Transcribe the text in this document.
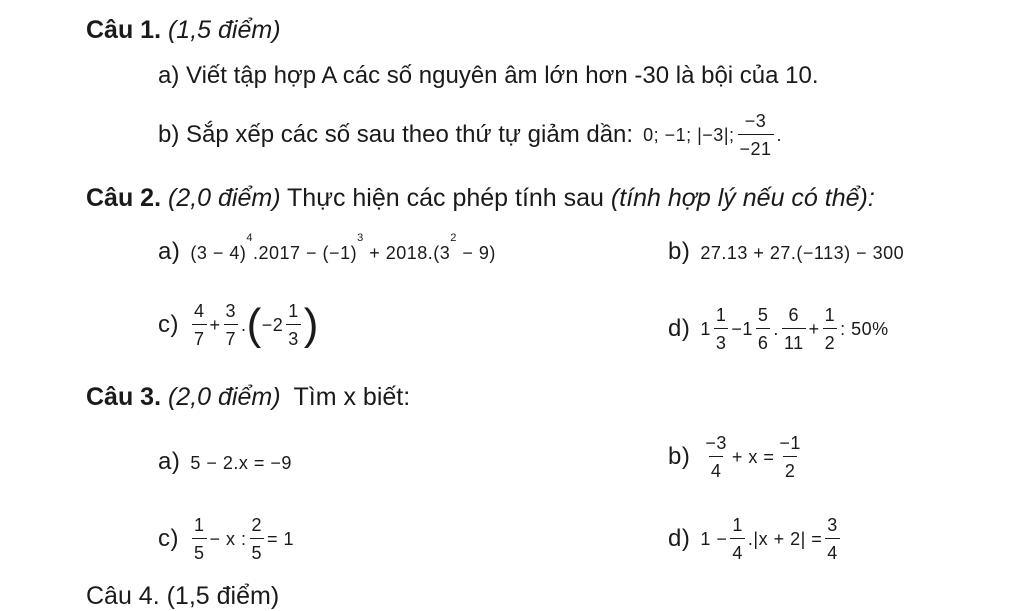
Câu 1. (1,5 điểm)
a) Viết tập hợp A các số nguyên âm lớn hơn -30 là bội của 10.
b) Sắp xếp các số sau theo thứ tự giảm dần: 0; −1; |−3|; $\frac{-3}{-21}$ .
Câu 2. (2,0 điểm) Thực hiện các phép tính sau (tính hợp lý nếu có thể):
a) $(3 - 4)^4.2017 - (-1)^3 + 2018.(3^2 - 9)$	b) 27.13 + 27.(−113) − 300
$c) \frac{4}{7} + \frac{3}{7}$ . ( $-2 \frac{1}{3}$ )	d) $1 \frac{1}{3} -1 \frac{5}{6}$ . $\frac{6}{11} + \frac{1}{2}$ : 50%
Câu 3. (2,0 điểm) Tìm x biết:
a) 5 − 2.x = −9	$b) \frac{-3}{4} + x = \frac{-1}{2}$
$c) \frac{1}{5} - x$ : $\frac{2}{5} = 1$	d) $1 - \frac{1}{4} .|x + 2| = \frac{3}{4}$
Câu 4. (1,5 điểm)
